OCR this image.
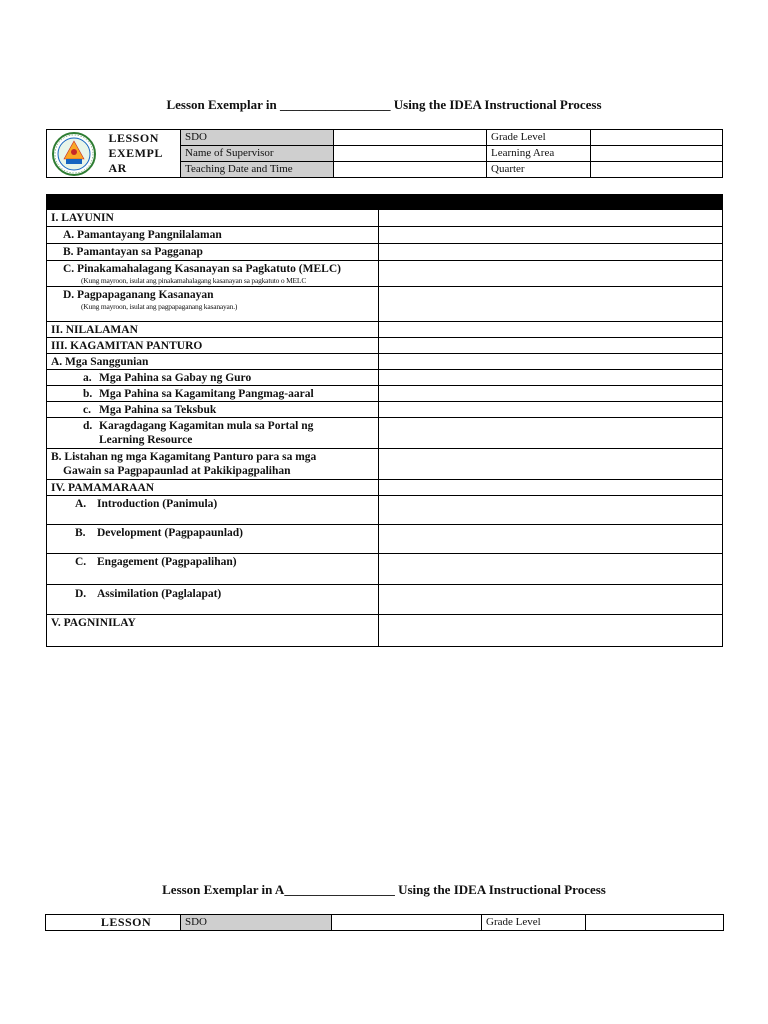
Lesson Exemplar in _________________ Using the IDEA Instructional Process

LESSON
EXEMPL
AR	SDO		Grade Level	
		Name of Supervisor		Learning Area	
		Teaching Date and Time		Quarter	

I. LAYUNIN	
A. Pamantayang Pangnilalaman	
B. Pamantayan sa Pagganap	
C. Pinakamahalagang Kasanayan sa Pagkatuto (MELC)
(Kung mayroon, isulat ang pinakamahalagang kasanayan sa pagkatuto o MELC	

D. Pagpapaganang Kasanayan
(Kung mayroon, isulat ang pagpapaganang kasanayan.)	

II. NILALAMAN	
III. KAGAMITAN PANTURO	
A. Mga Sanggunian	
a. Mga Pahina sa Gabay ng Guro	
b. Mga Pahina sa Kagamitang Pangmag-aaral	
c. Mga Pahina sa Teksbuk	
d. Karagdagang Kagamitan mula sa Portal ng
Learning Resource	

B. Listahan ng mga Kagamitang Panturo para sa mga
Gawain sa Pagpapaunlad at Pakikipagpalihan	

IV. PAMAMARAAN	
A. Introduction (Panimula)	
B. Development (Pagpapaunlad)	
C. Engagement (Pagpapalihan)	
D. Assimilation (Paglalapat)	
V. PAGNINILAY	
Lesson Exemplar in A_________________ Using the IDEA Instructional Process
LESSON	SDO		Grade Level	
